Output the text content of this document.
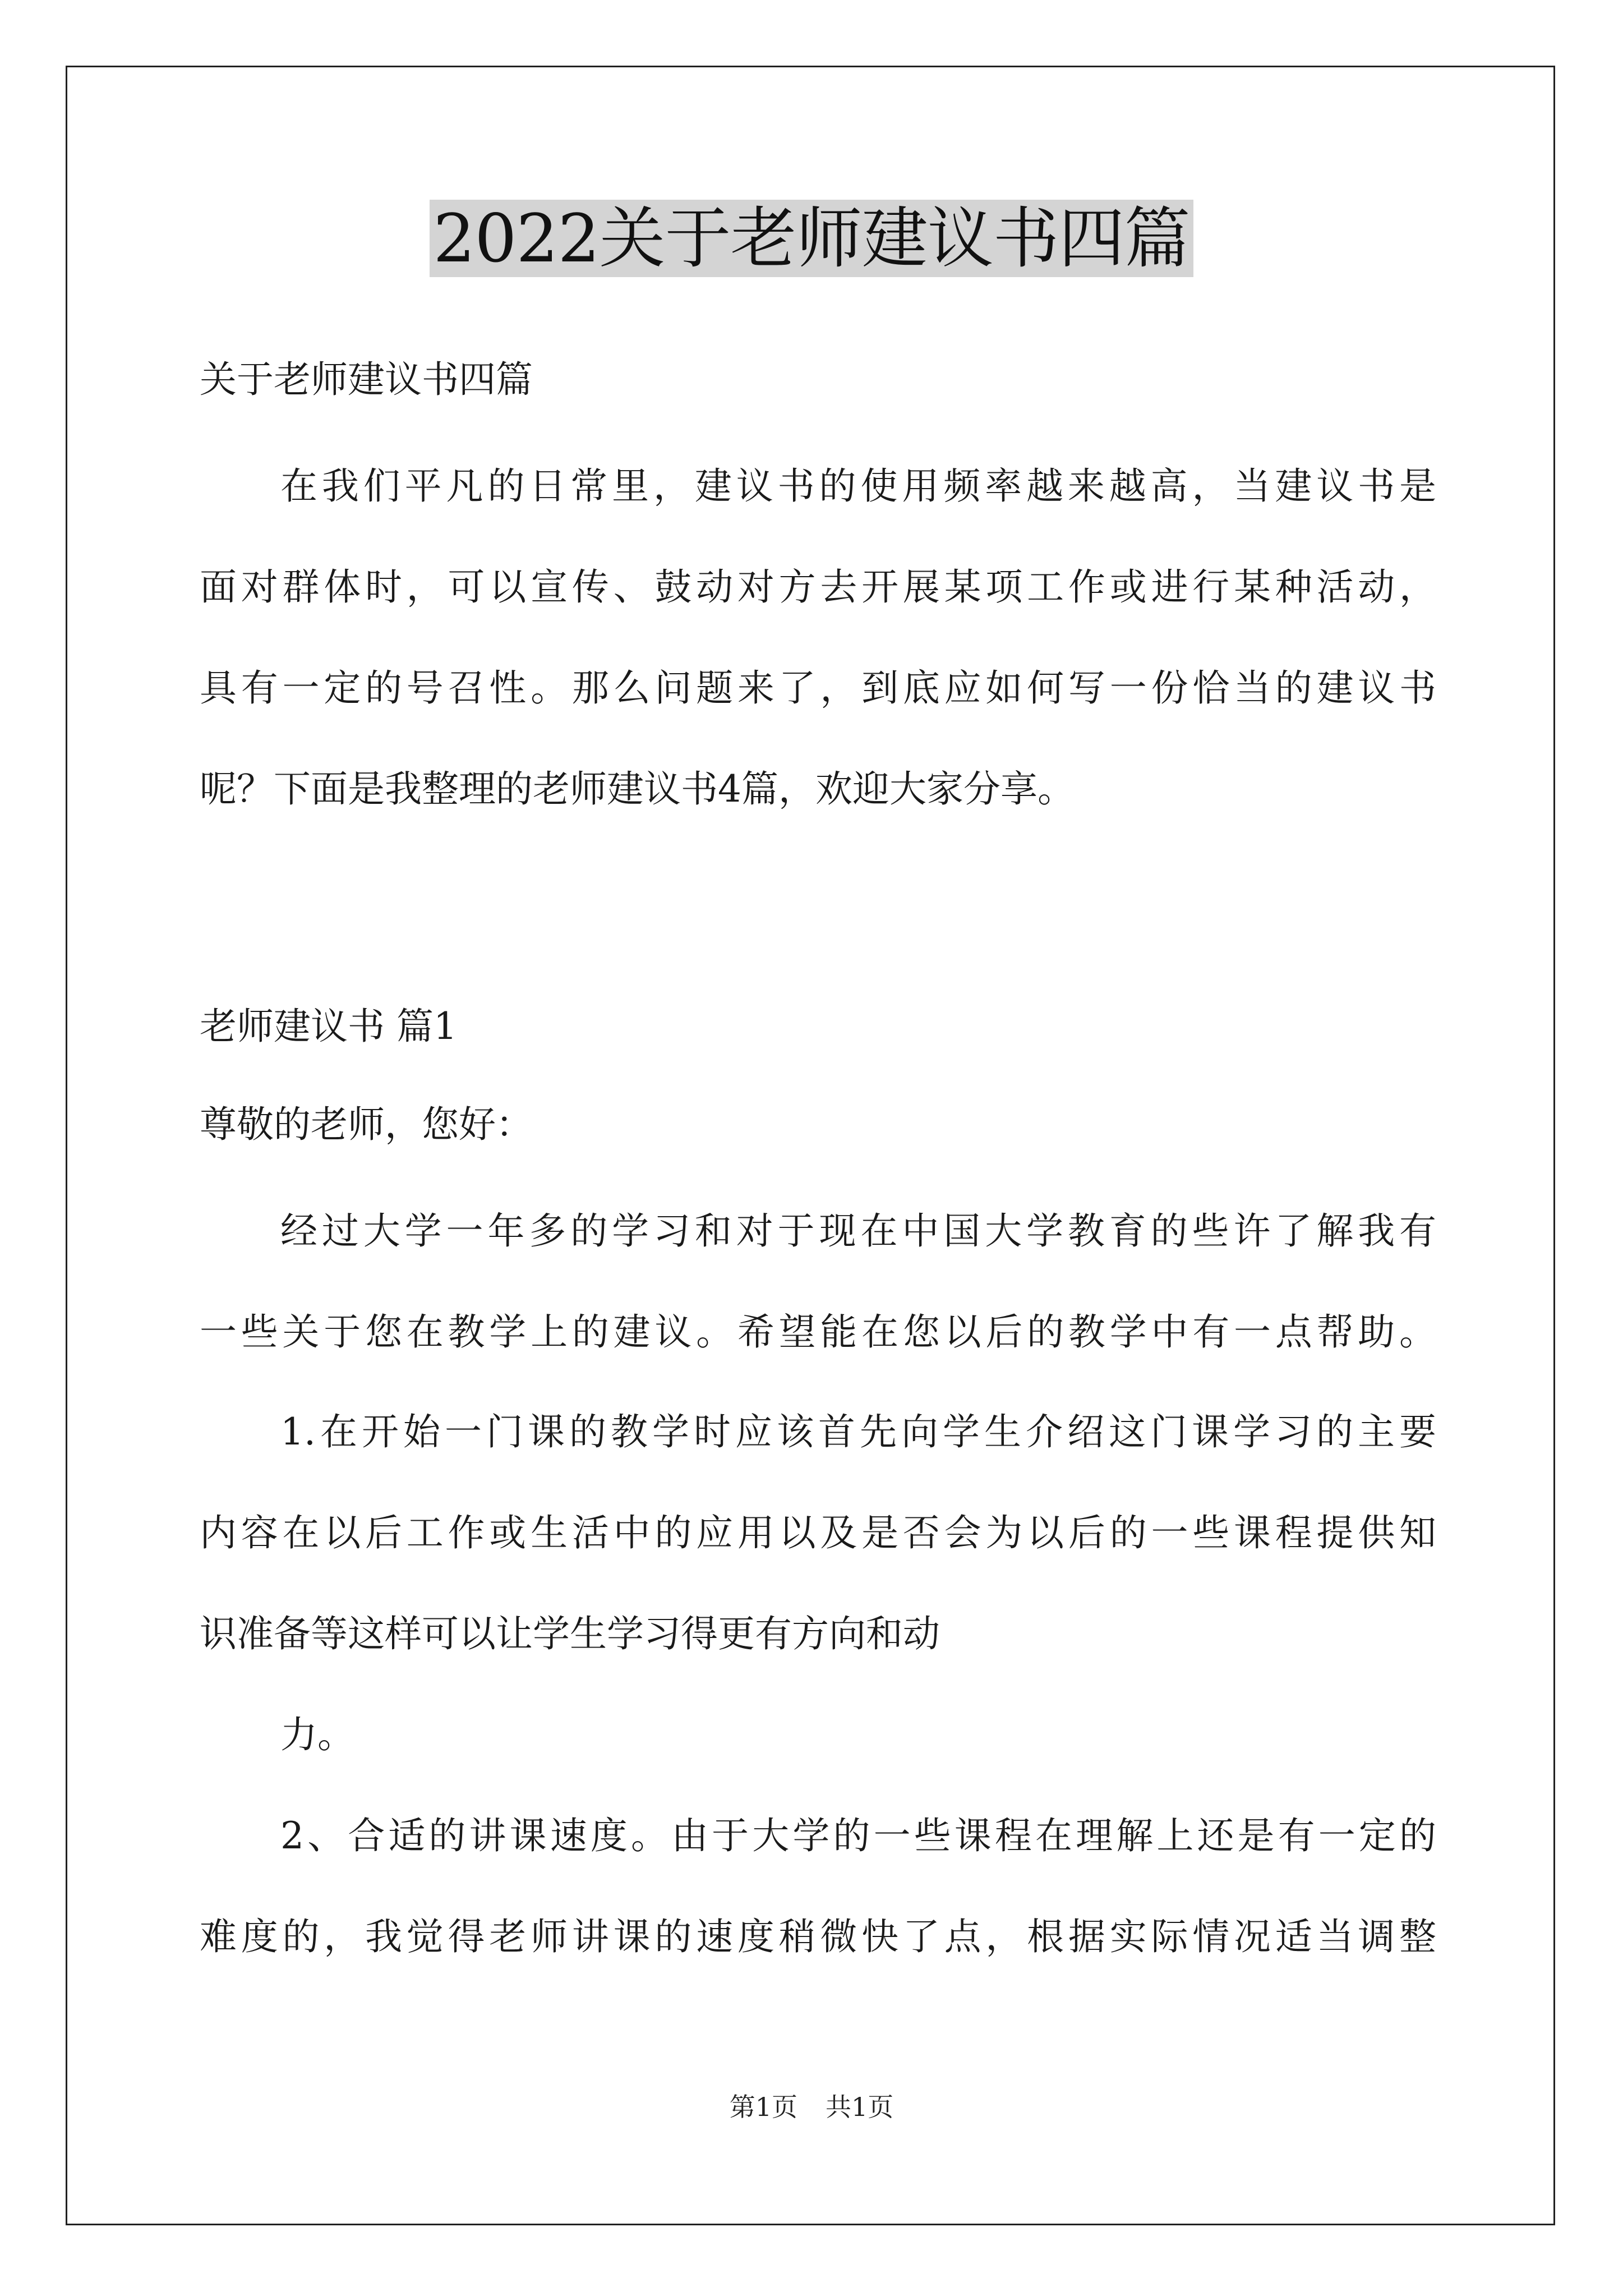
2022关于老师建议书四篇
关于老师建议书四篇
在我们平凡的日常里，建议书的使用频率越来越高，当建议书是
面对群体时，可以宣传、鼓动对方去开展某项工作或进行某种活动，
具有一定的号召性。那么问题来了，到底应如何写一份恰当的建议书
呢？下面是我整理的老师建议书4篇，欢迎大家分享。
老师建议书 篇1
尊敬的老师，您好：
经过大学一年多的学习和对于现在中国大学教育的些许了解我有
一些关于您在教学上的建议。希望能在您以后的教学中有一点帮助。
1.在开始一门课的教学时应该首先向学生介绍这门课学习的主要
内容在以后工作或生活中的应用以及是否会为以后的一些课程提供知
识准备等这样可以让学生学习得更有方向和动
力。
2、合适的讲课速度。由于大学的一些课程在理解上还是有一定的
难度的，我觉得老师讲课的速度稍微快了点，根据实际情况适当调整
第1页 共1页
